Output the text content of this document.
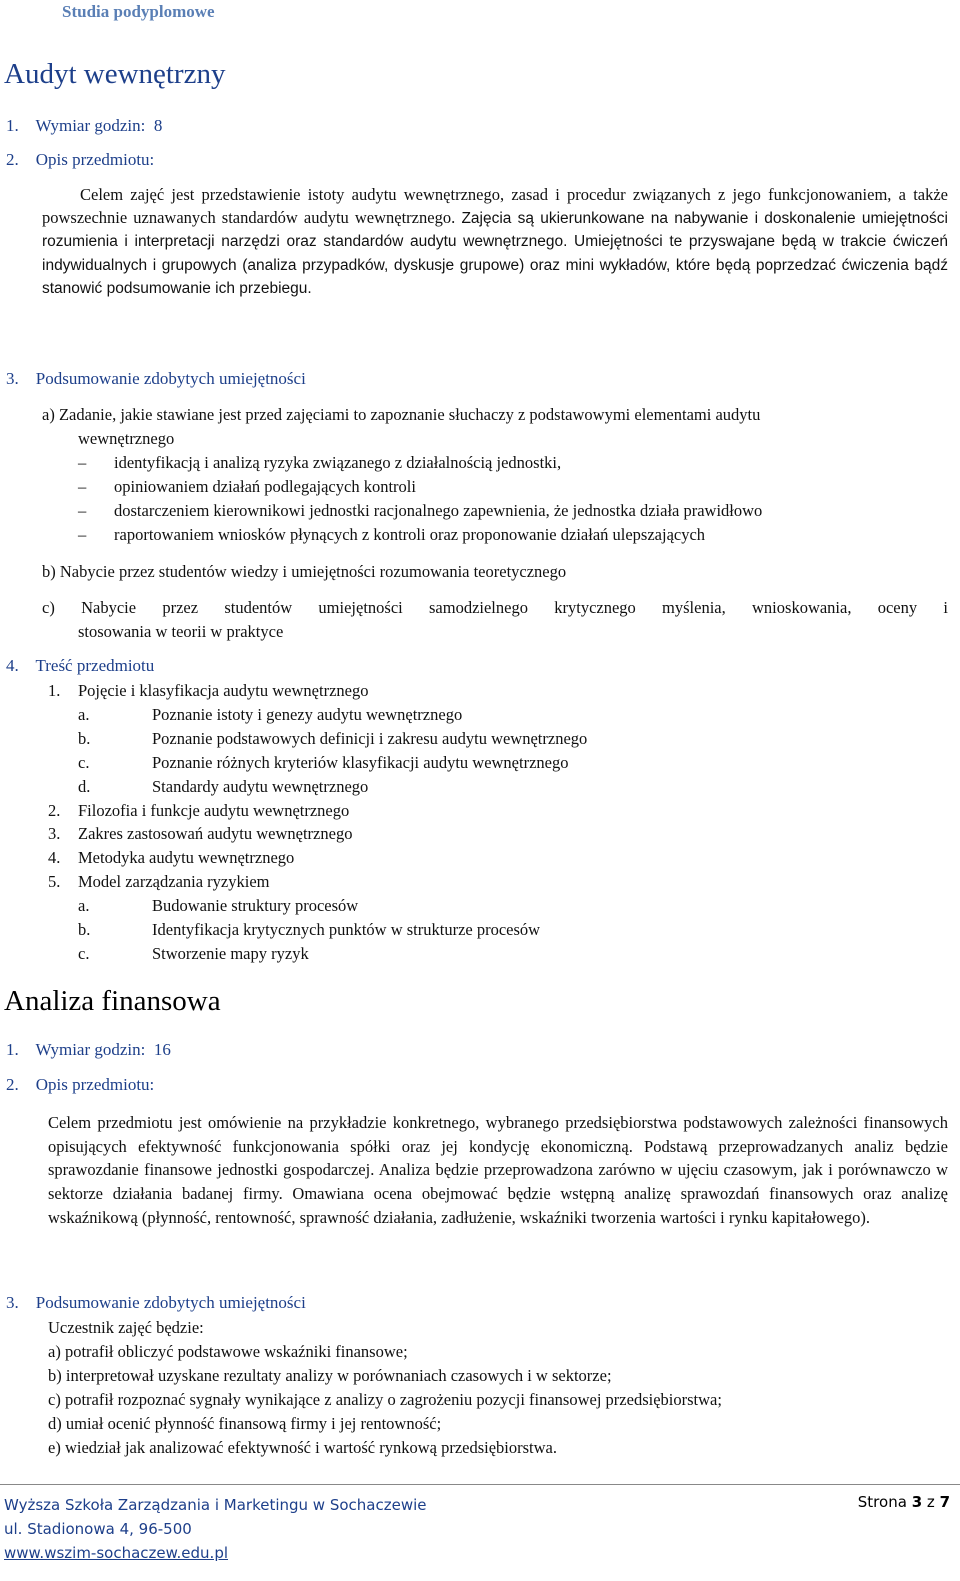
Studia podyplomowe
Audyt wewnętrzny
1. Wymiar godzin: 8
2. Opis przedmiotu:
Celem zajęć jest przedstawienie istoty audytu wewnętrznego, zasad i procedur związanych z jego funkcjonowaniem, a także powszechnie uznawanych standardów audytu wewnętrznego. Zajęcia są ukierunkowane na nabywanie i doskonalenie umiejętności rozumienia i interpretacji narzędzi oraz standardów audytu wewnętrznego. Umiejętności te przyswajane będą w trakcie ćwiczeń indywidualnych i grupowych (analiza przypadków, dyskusje grupowe) oraz mini wykładów, które będą poprzedzać ćwiczenia bądź stanowić podsumowanie ich przebiegu.
3. Podsumowanie zdobytych umiejętności
a) Zadanie, jakie stawiane jest przed zajęciami to zapoznanie słuchaczy z podstawowymi elementami audytu
wewnętrznego
– identyfikacją i analizą ryzyka związanego z działalnością jednostki,
– opiniowaniem działań podlegających kontroli
– dostarczeniem kierownikowi jednostki racjonalnego zapewnienia, że jednostka działa prawidłowo
– raportowaniem wniosków płynących z kontroli oraz proponowanie działań ulepszających
b) Nabycie przez studentów wiedzy i umiejętności rozumowania teoretycznego
c) Nabycie przez studentów umiejętności samodzielnego krytycznego myślenia, wnioskowania, oceny i
stosowania w teorii w praktyce
4. Treść przedmiotu
1. Pojęcie i klasyfikacja audytu wewnętrznego
a.	Poznanie istoty i genezy audytu wewnętrznego
b.	Poznanie podstawowych definicji i zakresu audytu wewnętrznego
c.	Poznanie różnych kryteriów klasyfikacji audytu wewnętrznego
d.	Standardy audytu wewnętrznego
2. Filozofia i funkcje audytu wewnętrznego
3. Zakres zastosowań audytu wewnętrznego
4. Metodyka audytu wewnętrznego
5. Model zarządzania ryzykiem
a.	Budowanie struktury procesów
b.	Identyfikacja krytycznych punktów w strukturze procesów
c.	Stworzenie mapy ryzyk
Analiza finansowa
1. Wymiar godzin: 16
2. Opis przedmiotu:
Celem przedmiotu jest omówienie na przykładzie konkretnego, wybranego przedsiębiorstwa podstawowych zależności finansowych opisujących efektywność funkcjonowania spółki oraz jej kondycję ekonomiczną. Podstawą przeprowadzanych analiz będzie sprawozdanie finansowe jednostki gospodarczej. Analiza będzie przeprowadzona zarówno w ujęciu czasowym, jak i porównawczo w sektorze działania badanej firmy. Omawiana ocena obejmować będzie wstępną analizę sprawozdań finansowych oraz analizę wskaźnikową (płynność, rentowność, sprawność działania, zadłużenie, wskaźniki tworzenia wartości i rynku kapitałowego).
3. Podsumowanie zdobytych umiejętności
Uczestnik zajęć będzie:
a) potrafił obliczyć podstawowe wskaźniki finansowe;
b) interpretował uzyskane rezultaty analizy w porównaniach czasowych i w sektorze;
c) potrafił rozpoznać sygnały wynikające z analizy o zagrożeniu pozycji finansowej przedsiębiorstwa;
d) umiał ocenić płynność finansową firmy i jej rentowność;
e) wiedział jak analizować efektywność i wartość rynkową przedsiębiorstwa.
Wyższa Szkoła Zarządzania i Marketingu w Sochaczewie
ul. Stadionowa 4, 96-500
www.wszim-sochaczew.edu.pl
Strona 3 z 7
